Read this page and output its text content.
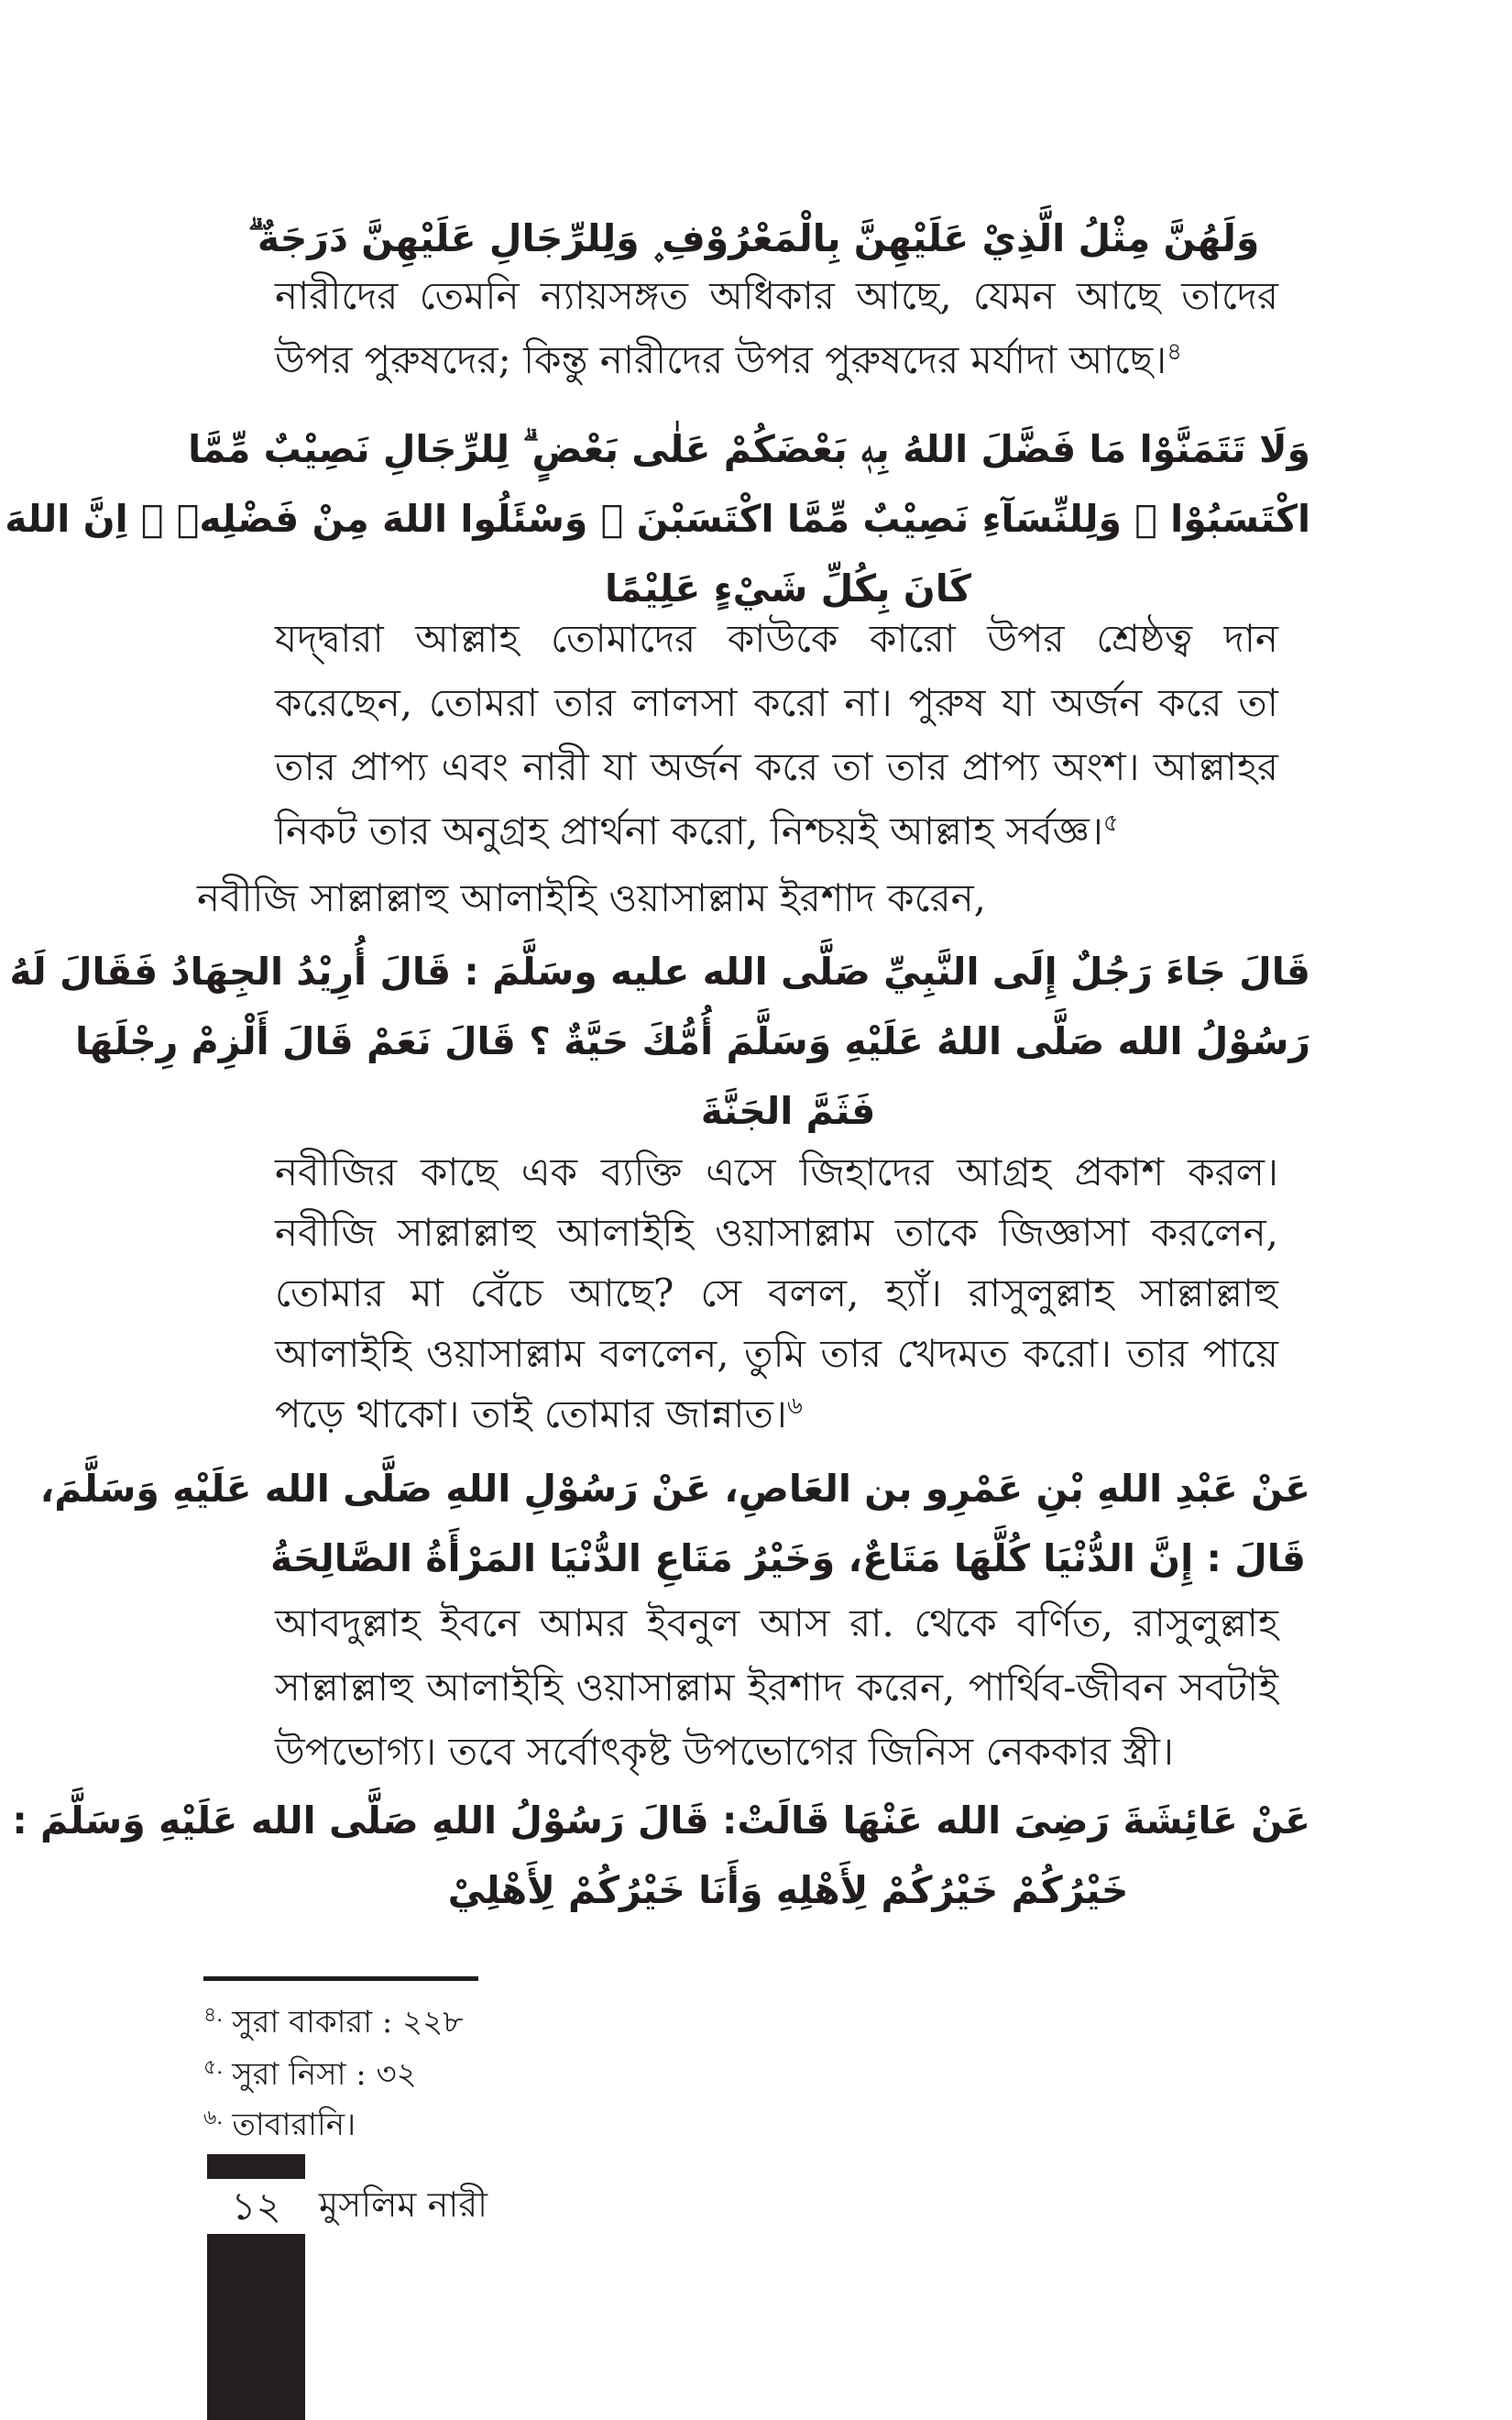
وَلَهُنَّ مِثْلُ الَّذِيْ عَلَيْهِنَّ بِالْمَعْرُوْفِ ۪ وَلِلرِّجَالِ عَلَيْهِنَّ دَرَجَةٌ ۗ

নারীদের তেমনি ন্যায়সঙ্গত অধিকার আছে, যেমন আছে তাদের উপর পুরুষদের; কিন্তু নারীদের উপর পুরুষদের মর্যাদা আছে।$^৪$

وَلَا تَتَمَنَّوْا مَا فَضَّلَ اللهُ بِهٖ بَعْضَكُمْ عَلٰى بَعْضٍ ۗ لِلرِّجَالِ نَصِيْبٌ مِّمَّا
اكْتَسَبُوْا ۗ وَلِلنِّسَآءِ نَصِيْبٌ مِّمَّا اكْتَسَبْنَ ۗ وَسْئَلُوا اللهَ مِنْ فَضْلِهٖ ۗ اِنَّ اللهَ
كَانَ بِكُلِّ شَيْءٍ عَلِيْمًا

যদ্দ্বারা আল্লাহ তোমাদের কাউকে কারো উপর শ্রেষ্ঠত্ব দান করেছেন, তোমরা তার লালসা করো না। পুরুষ যা অর্জন করে তা তার প্রাপ্য এবং নারী যা অর্জন করে তা তার প্রাপ্য অংশ। আল্লাহর নিকট তার অনুগ্রহ প্রার্থনা করো, নিশ্চয়ই আল্লাহ সর্বজ্ঞ।$^৫$

নবীজি সাল্লাল্লাহু আলাইহি ওয়াসাল্লাম ইরশাদ করেন,

قَالَ جَاءَ رَجُلٌ إِلَى النَّبِيِّ صَلَّى الله عليه وسَلَّمَ : قَالَ أُرِيْدُ الجِهَادُ فَقَالَ لَهُ
رَسُوْلُ الله صَلَّى اللهُ عَلَيْهِ وَسَلَّمَ أُمُّكَ حَيَّةٌ ؟ قَالَ نَعَمْ قَالَ أَلْزِمْ رِجْلَهَا
فَثَمَّ الجَنَّةَ

নবীজির কাছে এক ব্যক্তি এসে জিহাদের আগ্রহ প্রকাশ করল। নবীজি সাল্লাল্লাহু আলাইহি ওয়াসাল্লাম তাকে জিজ্ঞাসা করলেন, তোমার মা বেঁচে আছে? সে বলল, হ্যাঁ। রাসুলুল্লাহ সাল্লাল্লাহু আলাইহি ওয়াসাল্লাম বললেন, তুমি তার খেদমত করো। তার পায়ে পড়ে থাকো। তাই তোমার জান্নাত।$^৬$

عَنْ عَبْدِ اللهِ بْنِ عَمْرِو بن العَاصِ، عَنْ رَسُوْلِ اللهِ صَلَّى الله عَلَيْهِ وَسَلَّمَ،
قَالَ : إِنَّ الدُّنْيَا كُلَّهَا مَتَاعٌ، وَخَيْرُ مَتَاعِ الدُّنْيَا المَرْأَةُ الصَّالِحَةُ

আবদুল্লাহ ইবনে আমর ইবনুল আস রা. থেকে বর্ণিত, রাসুলুল্লাহ সাল্লাল্লাহু আলাইহি ওয়াসাল্লাম ইরশাদ করেন, পার্থিব-জীবন সবটাই উপভোগ্য। তবে সর্বোৎকৃষ্ট উপভোগের জিনিস নেককার স্ত্রী।

عَنْ عَائِشَةَ رَضِىَ الله عَنْهَا قَالَتْ: قَالَ رَسُوْلُ اللهِ صَلَّى الله عَلَيْهِ وَسَلَّمَ :
خَيْرُكُمْ خَيْرُكُمْ لِأَهْلِهِ وَأَنَا خَيْرُكُمْ لِأَهْلِيْ
$^{৪.}$ সুরা বাকারা : ২২৮
$^{৫.}$ সুরা নিসা : ৩২
$^{৬.}$ তাবারানি।
১২	মুসলিম নারী
